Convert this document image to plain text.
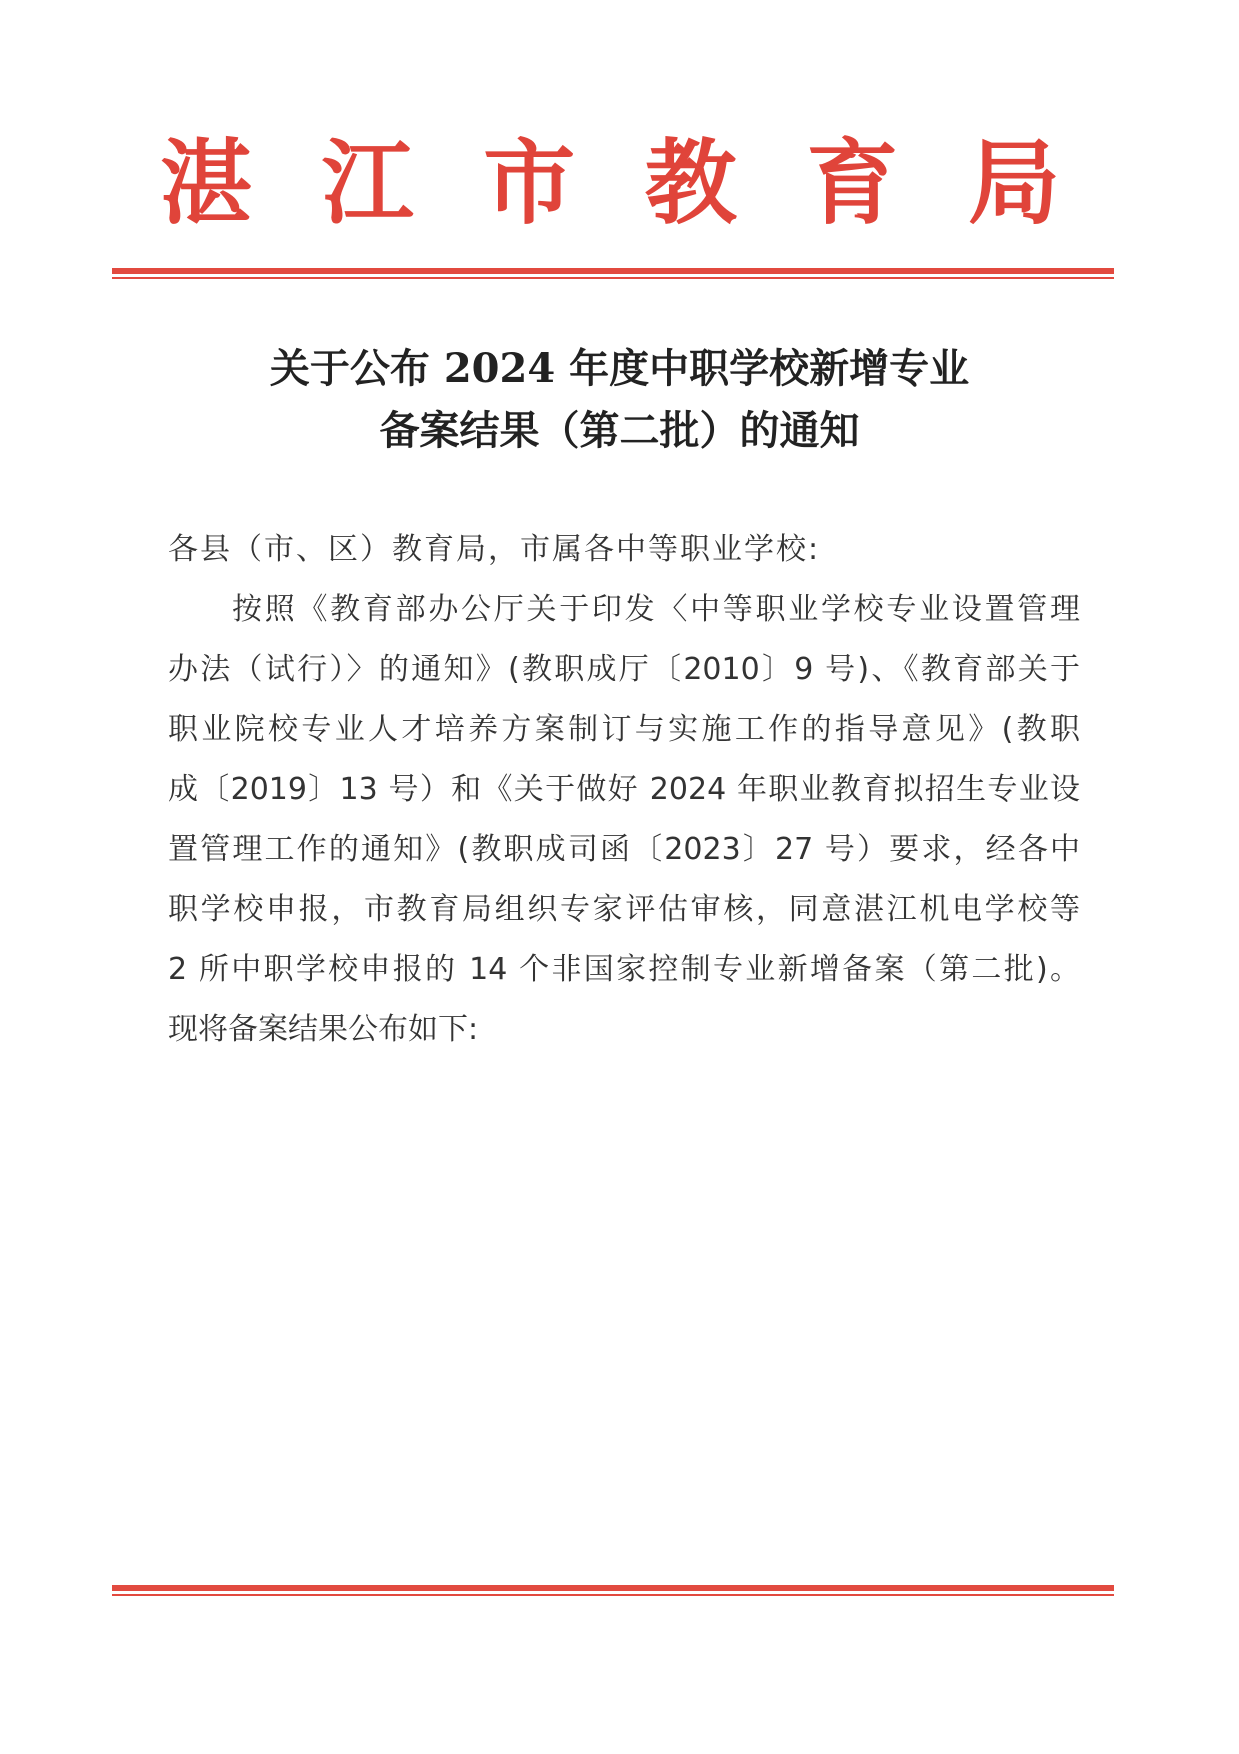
湛 江 市 教 育 局
关于公布 2024 年度中职学校新增专业
备案结果（第二批）的通知
各县（市、区）教育局，市属各中等职业学校:
按照《教育部办公厅关于印发〈中等职业学校专业设置管理
办法（试行）〉的通知》(教职成厅〔2010〕9 号)、《教育部关于
职业院校专业人才培养方案制订与实施工作的指导意见》(教职
成〔2019〕13 号）和《关于做好 2024 年职业教育拟招生专业设
置管理工作的通知》(教职成司函〔2023〕27 号）要求，经各中
职学校申报，市教育局组织专家评估审核，同意湛江机电学校等
2 所中职学校申报的 14 个非国家控制专业新增备案（第二批)。
现将备案结果公布如下:
